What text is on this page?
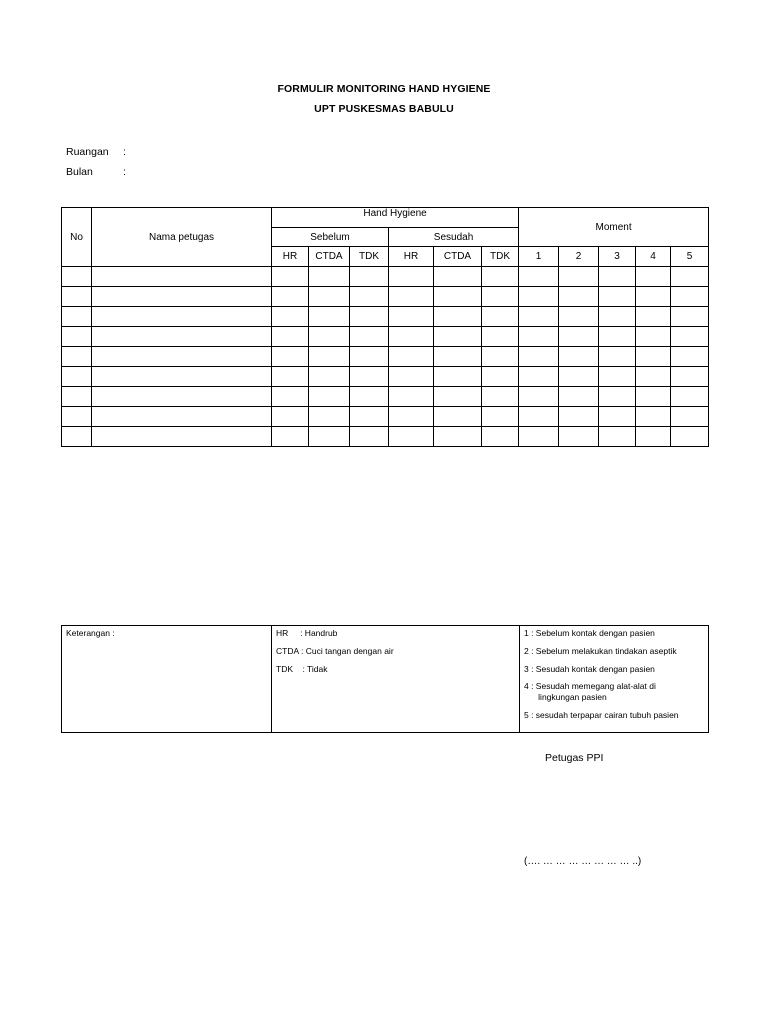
FORMULIR MONITORING HAND HYGIENE
UPT PUSKESMAS BABULU
Ruangan :
Bulan	:
No	Nama petugas	Hand Hygiene						Moment				
		Sebelum			Sesudah							
		HR	CTDA	TDK	HR	CTDA	TDK	1	2	3	4	5

Keterangan :	HR     : Handrub
CTDA : Cuci tangan dengan air
TDK    : Tidak

1 : Sebelum kontak dengan pasien
2 : Sebelum melakukan tindakan aseptik
3 : Sesudah kontak dengan pasien
4 : Sesudah memegang alat-alat di
lingkungan pasien
5 : sesudah terpapar cairan tubuh pasien
Petugas PPI
(…. … … … … … … … ..)
